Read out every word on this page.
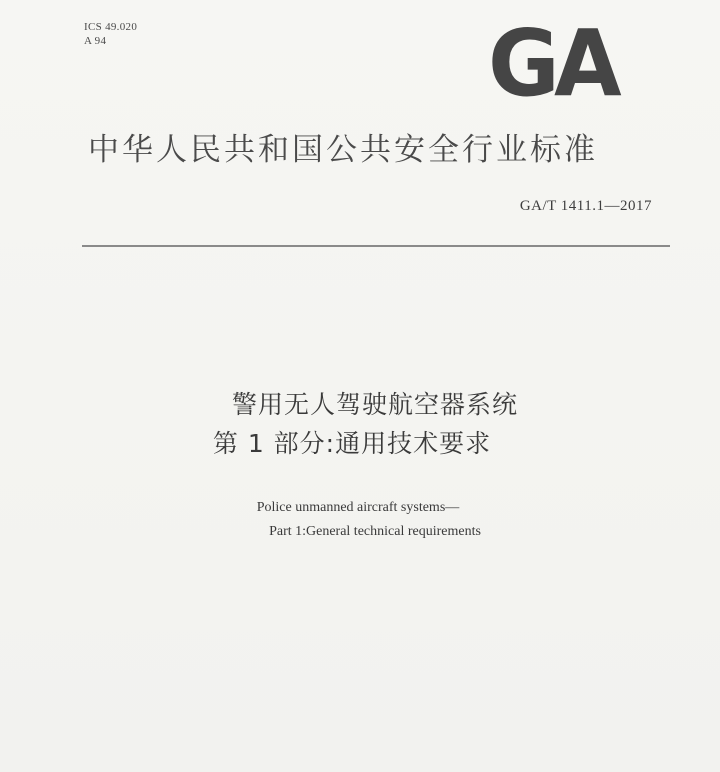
ICS 49.020
A 94	GA
中华人民共和国公共安全行业标准
GA/T 1411.1—2017
警用无人驾驶航空器系统
第 1 部分:通用技术要求
Police unmanned aircraft systems—
Part 1:General technical requirements
